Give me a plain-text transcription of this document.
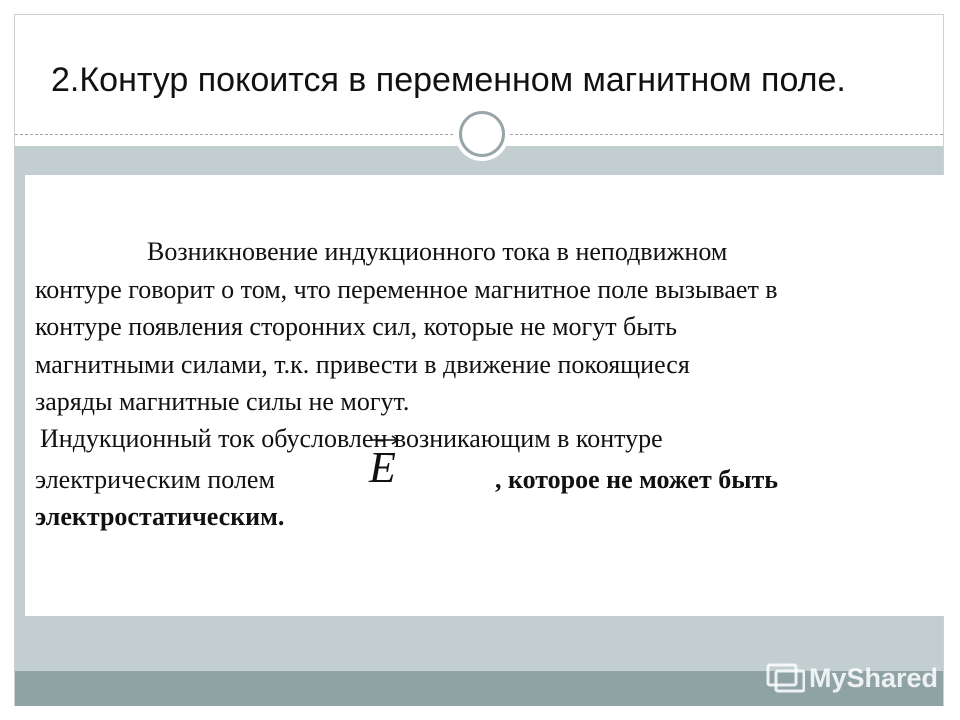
2.Контур покоится в переменном магнитном поле.

Возникновение индукционного тока в неподвижном
контуре говорит о том, что переменное магнитное поле вызывает в
контуре появления сторонних сил, которые не могут быть
магнитными силами, т.к. привести в движение покоящиеся
заряды магнитные силы не могут.

Индукционный ток обусловлен возникающим в контуре
электрическим полем E	, которое не может быть
электростатическим.

MyShared
